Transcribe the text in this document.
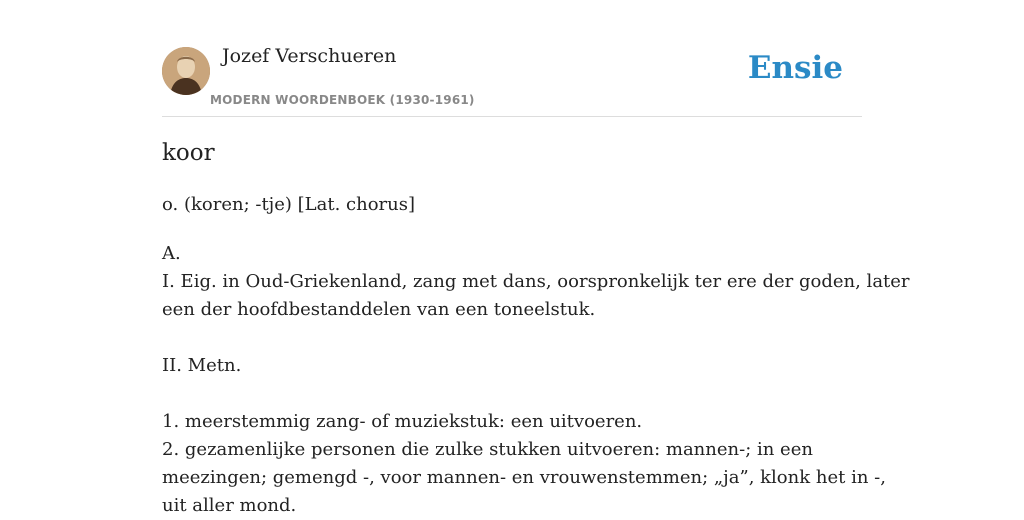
Jozef Verschueren
MODERN WOORDENBOEK (1930-1961)
Ensie
koor
o. (koren; -tje) [Lat. chorus]
A.
I. Eig. in Oud-Griekenland, zang met dans, oorspronkelijk ter ere der goden, later
een der hoofdbestanddelen van een toneelstuk.
II. Metn.
1. meerstemmig zang- of muziekstuk: een uitvoeren.
2. gezamenlijke personen die zulke stukken uitvoeren: mannen-; in een
meezingen; gemengd -, voor mannen- en vrouwenstemmen; „ja”, klonk het in -,
uit aller mond.
